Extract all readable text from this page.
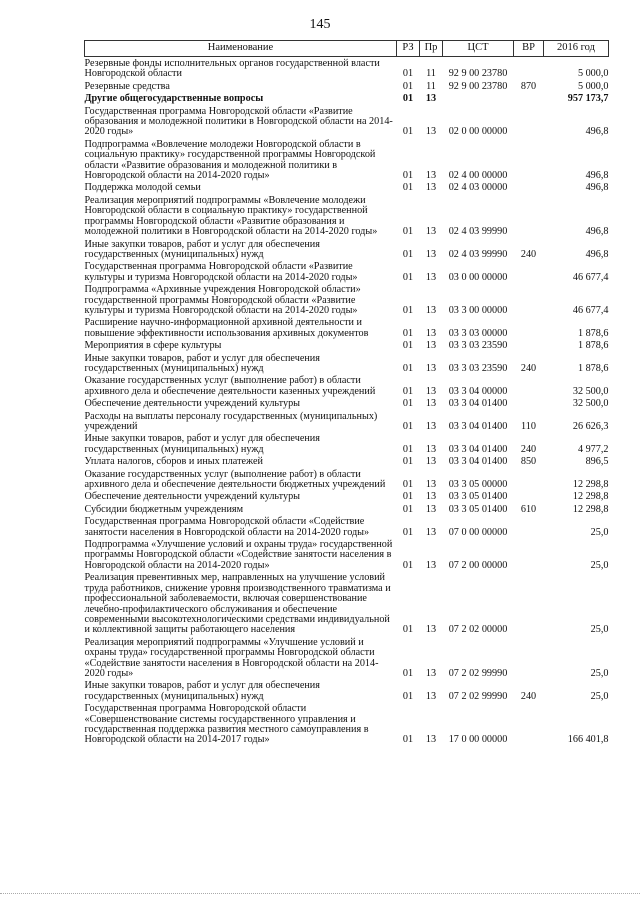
145
Наименование	РЗ	Пр	ЦСТ	ВР	2016 год
Резервные фонды исполнительных органов государственной власти Новгородской области	01	11	92 9 00 23780		5 000,0
Резервные средства	01	11	92 9 00 23780	870	5 000,0
Другие общегосударственные вопросы	01	13			957 173,7
Государственная программа Новгородской области «Развитие образования и молодежной политики в Новгородской области на 2014-2020 годы»	01	13	02 0 00 00000		496,8
Подпрограмма «Вовлечение молодежи Новгородской области в социальную практику» государственной программы Новгородской области «Развитие образования и молодежной политики в Новгородской области на 2014-2020 годы»	01	13	02 4 00 00000		496,8
Поддержка молодой семьи	01	13	02 4 03 00000		496,8
Реализация мероприятий подпрограммы «Вовлечение молодежи Новгородской области в социальную практику» государственной программы Новгородской области «Развитие образования и молодежной политики в Новгородской области на 2014-2020 годы»	01	13	02 4 03 99990		496,8
Иные закупки товаров, работ и услуг для обеспечения государственных (муниципальных) нужд	01	13	02 4 03 99990	240	496,8
Государственная программа Новгородской области «Развитие культуры и туризма Новгородской области на 2014-2020 годы»	01	13	03 0 00 00000		46 677,4
Подпрограмма «Архивные учреждения Новгородской области» государственной программы Новгородской области «Развитие культуры и туризма Новгородской области на 2014-2020 годы»	01	13	03 3 00 00000		46 677,4
Расширение научно-информационной архивной деятельности и повышение эффективности использования архивных документов	01	13	03 3 03 00000		1 878,6
Мероприятия в сфере культуры	01	13	03 3 03 23590		1 878,6
Иные закупки товаров, работ и услуг для обеспечения государственных (муниципальных) нужд	01	13	03 3 03 23590	240	1 878,6
Оказание государственных услуг (выполнение работ) в области архивного дела и обеспечение деятельности казенных учреждений	01	13	03 3 04 00000		32 500,0
Обеспечение деятельности учреждений культуры	01	13	03 3 04 01400		32 500,0
Расходы на выплаты персоналу государственных (муниципальных) учреждений	01	13	03 3 04 01400	110	26 626,3
Иные закупки товаров, работ и услуг для обеспечения государственных (муниципальных) нужд	01	13	03 3 04 01400	240	4 977,2
Уплата налогов, сборов и иных платежей	01	13	03 3 04 01400	850	896,5
Оказание государственных услуг (выполнение работ) в области архивного дела и обеспечение деятельности бюджетных учреждений	01	13	03 3 05 00000		12 298,8
Обеспечение деятельности учреждений культуры	01	13	03 3 05 01400		12 298,8
Субсидии бюджетным учреждениям	01	13	03 3 05 01400	610	12 298,8
Государственная программа Новгородской области «Содействие занятости населения в Новгородской области на 2014-2020 годы»	01	13	07 0 00 00000		25,0
Подпрограмма «Улучшение условий и охраны труда» государственной программы Новгородской области «Содействие занятости населения в Новгородской области на 2014-2020 годы»	01	13	07 2 00 00000		25,0
Реализация превентивных мер, направленных на улучшение условий труда работников, снижение уровня производственного травматизма и профессиональной заболеваемости, включая совершенствование лечебно-профилактического обслуживания и обеспечение современными высокотехнологическими средствами индивидуальной и коллективной защиты работающего населения	01	13	07 2 02 00000		25,0
Реализация мероприятий подпрограммы «Улучшение условий и охраны труда» государственной программы Новгородской области «Содействие занятости населения в Новгородской области на 2014-2020 годы»	01	13	07 2 02 99990		25,0
Иные закупки товаров, работ и услуг для обеспечения государственных (муниципальных) нужд	01	13	07 2 02 99990	240	25,0
Государственная программа Новгородской области «Совершенствование системы государственного управления и государственная поддержка развития местного самоуправления в Новгородской области на 2014-2017 годы»	01	13	17 0 00 00000		166 401,8
